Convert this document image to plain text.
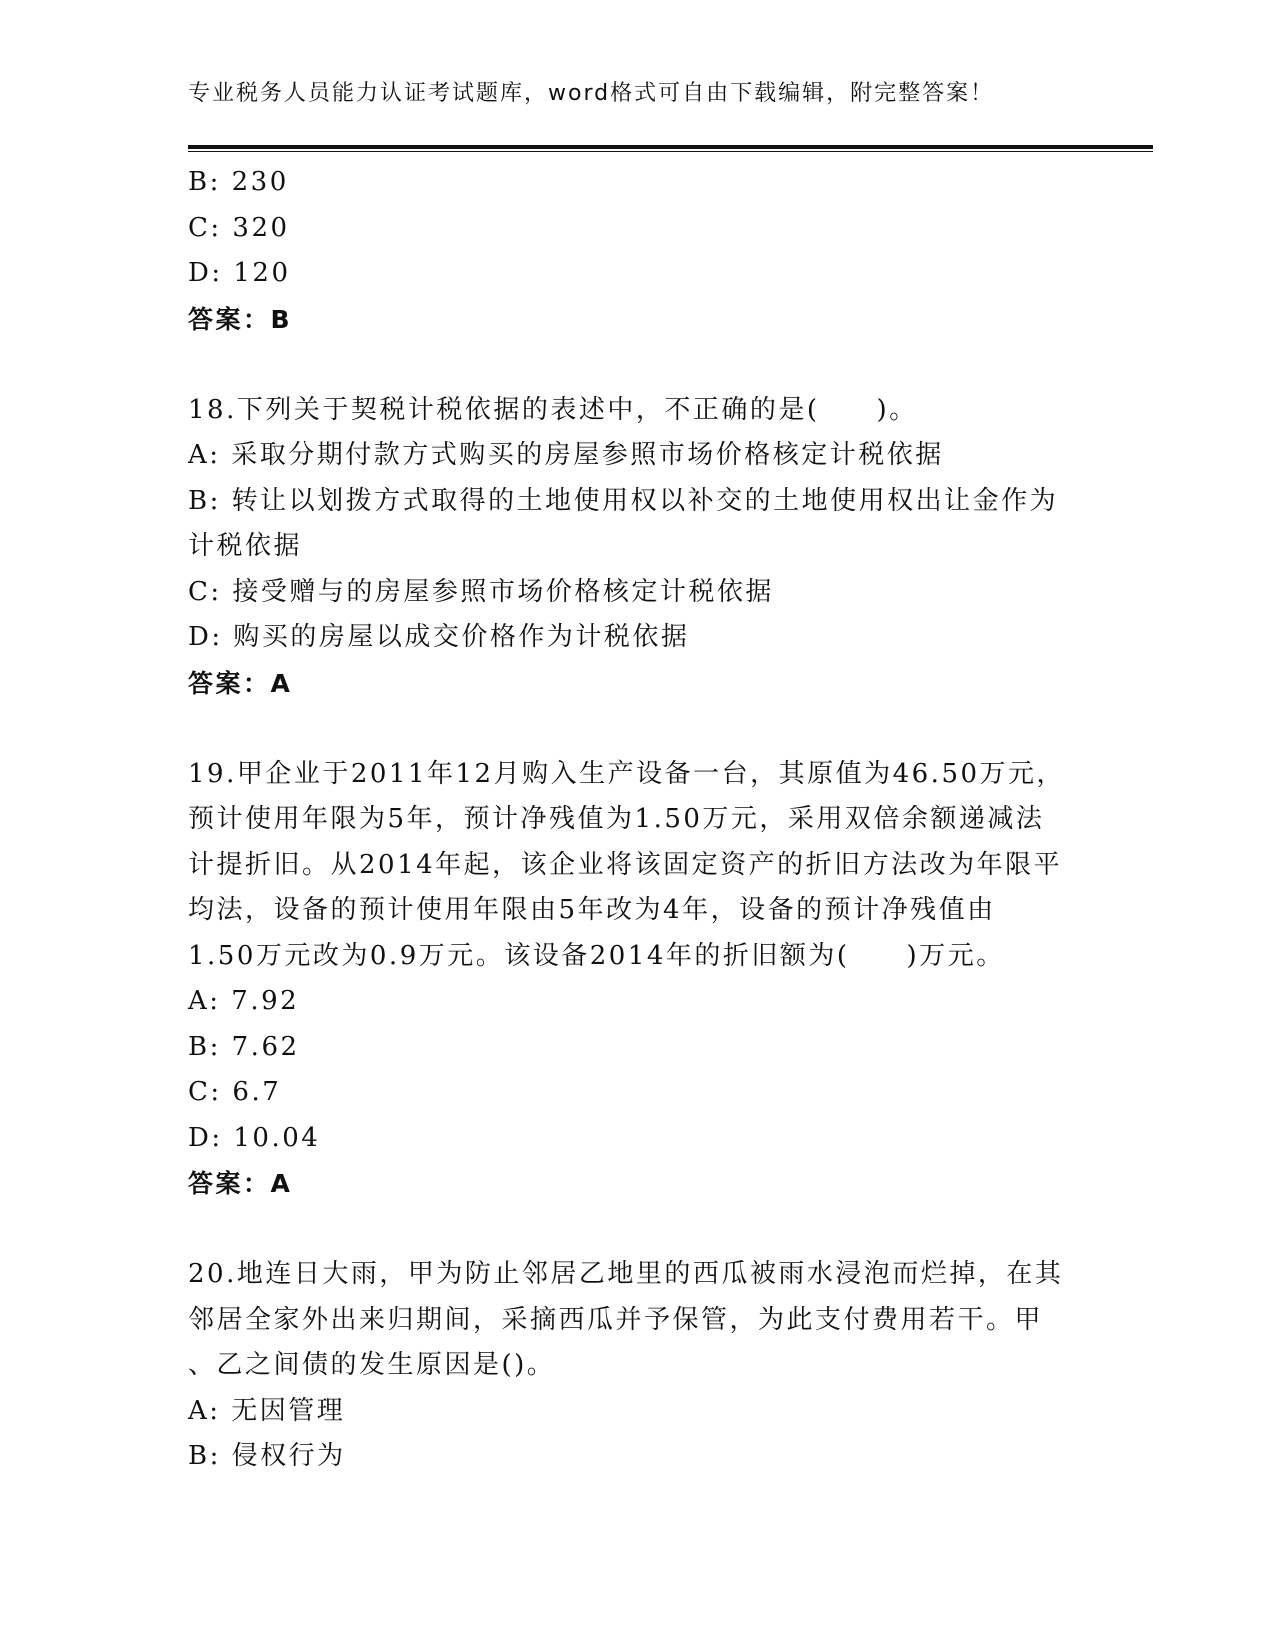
专业税务人员能力认证考试题库，word格式可自由下载编辑，附完整答案！
B: 230
C: 320
D: 120
答案：B
18.下列关于契税计税依据的表述中，不正确的是(　　)。
A: 采取分期付款方式购买的房屋参照市场价格核定计税依据
B: 转让以划拨方式取得的土地使用权以补交的土地使用权出让金作为
计税依据
C: 接受赠与的房屋参照市场价格核定计税依据
D: 购买的房屋以成交价格作为计税依据
答案：A
19.甲企业于2011年12月购入生产设备一台，其原值为46.50万元，
预计使用年限为5年，预计净残值为1.50万元，采用双倍余额递减法
计提折旧。从2014年起，该企业将该固定资产的折旧方法改为年限平
均法，设备的预计使用年限由5年改为4年，设备的预计净残值由
1.50万元改为0.9万元。该设备2014年的折旧额为(　　)万元。
A: 7.92
B: 7.62
C: 6.7
D: 10.04
答案：A
20.地连日大雨，甲为防止邻居乙地里的西瓜被雨水浸泡而烂掉，在其
邻居全家外出来归期间，采摘西瓜并予保管，为此支付费用若干。甲
、乙之间债的发生原因是()。
A: 无因管理
B: 侵权行为
